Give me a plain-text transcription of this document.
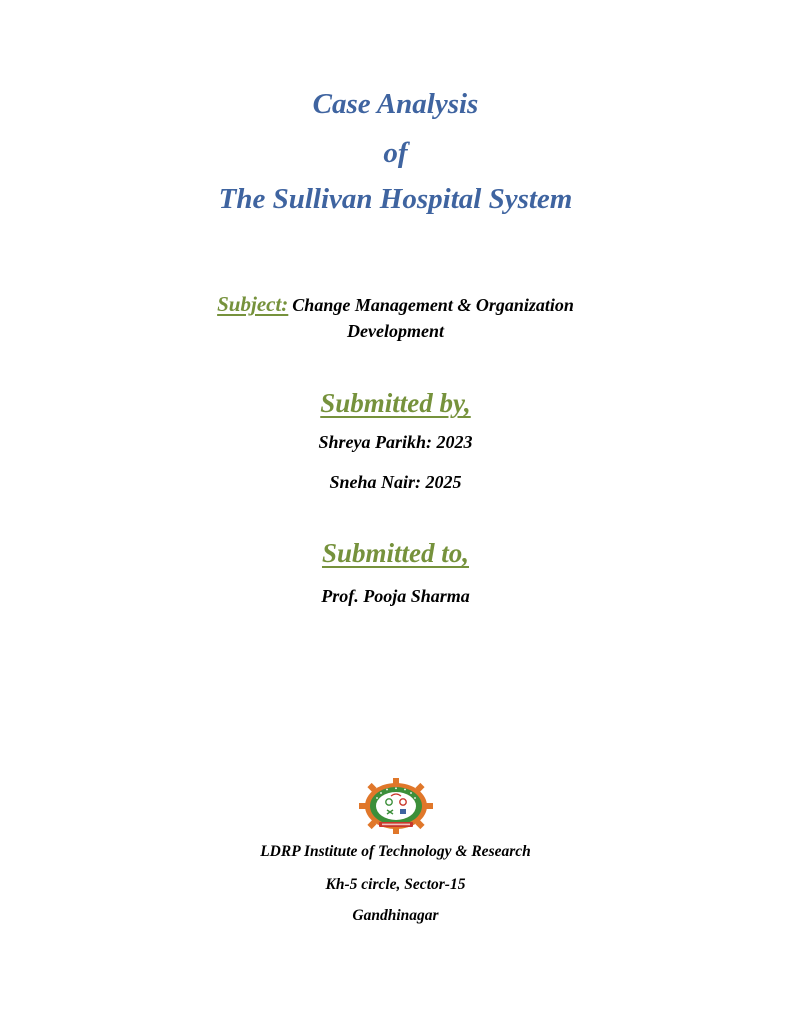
Case Analysis
of
The Sullivan Hospital System
Subject: Change Management & Organization
Development
Submitted by,
Shreya Parikh: 2023
Sneha Nair: 2025
Submitted to,
Prof. Pooja Sharma
LDRP Institute of Technology & Research
Kh-5 circle, Sector-15
Gandhinagar
